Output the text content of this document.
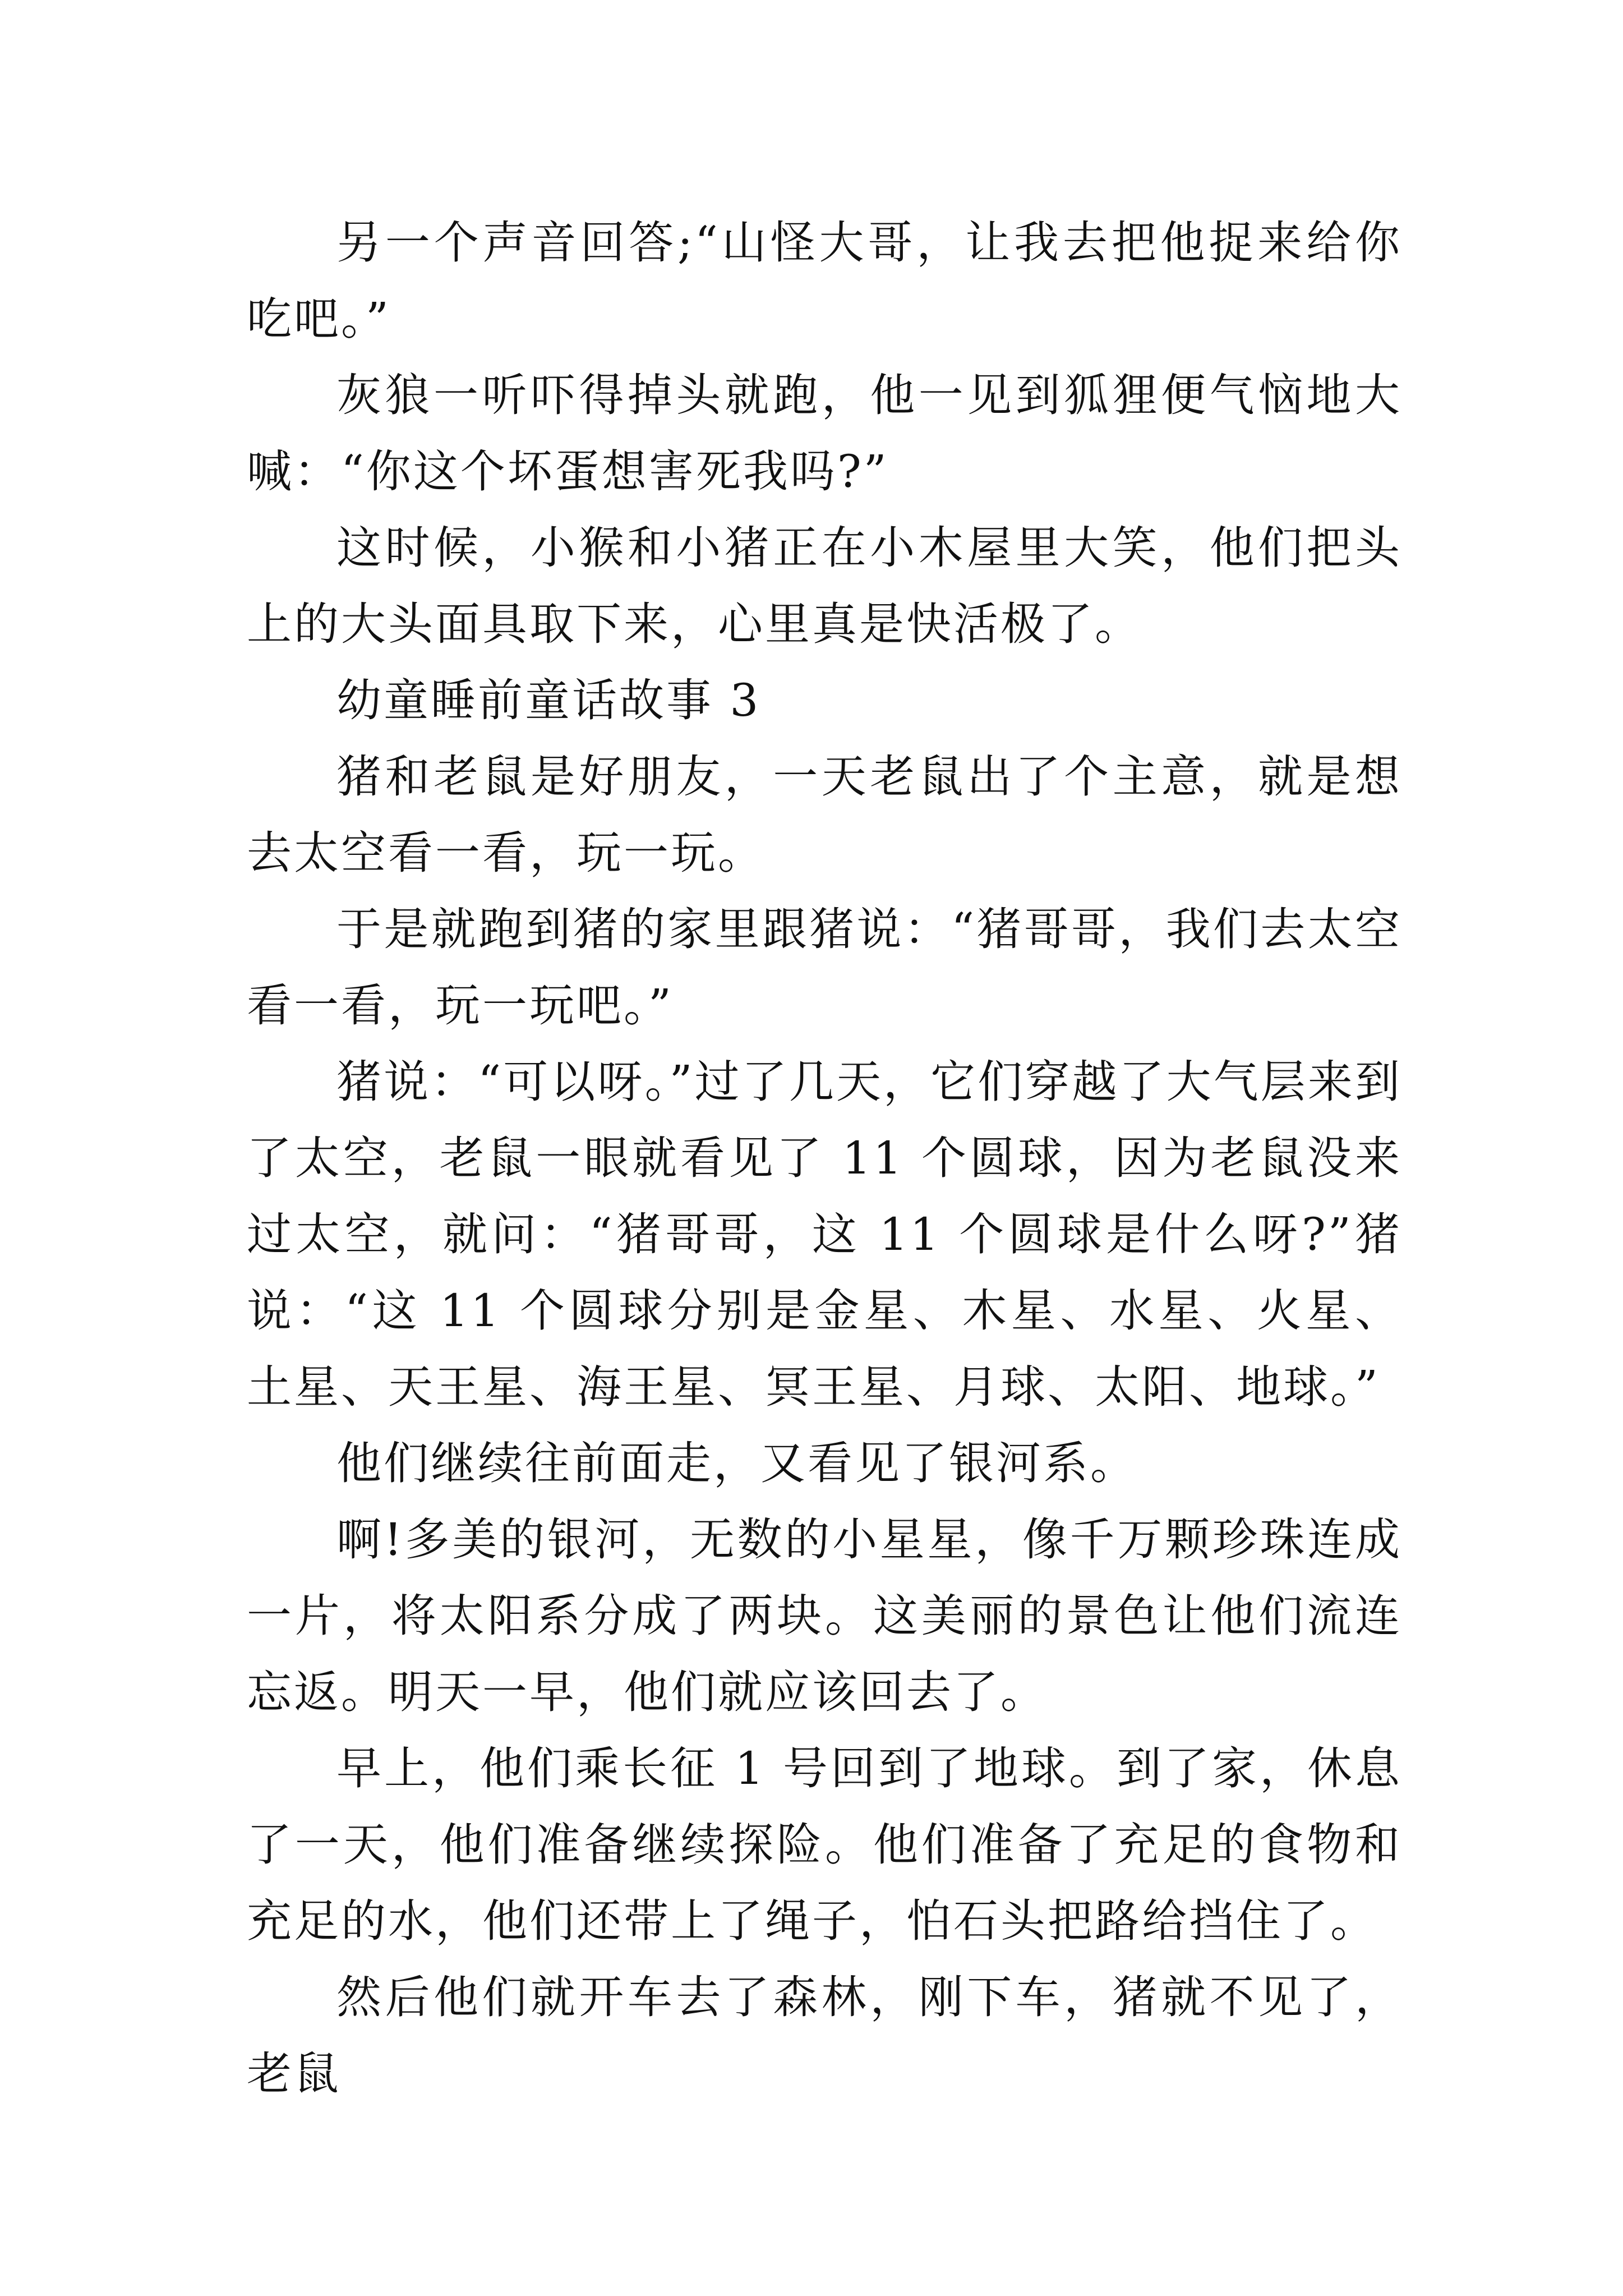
另一个声音回答;“山怪大哥，让我去把他捉来给你吃吧。”

灰狼一听吓得掉头就跑，他一见到狐狸便气恼地大喊：“你这个坏蛋想害死我吗?”

这时候，小猴和小猪正在小木屋里大笑，他们把头上的大头面具取下来，心里真是快活极了。

幼童睡前童话故事 3

猪和老鼠是好朋友，一天老鼠出了个主意，就是想去太空看一看，玩一玩。

于是就跑到猪的家里跟猪说：“猪哥哥，我们去太空看一看，玩一玩吧。”

猪说：“可以呀。”过了几天，它们穿越了大气层来到了太空，老鼠一眼就看见了 11 个圆球，因为老鼠没来过太空，就问：“猪哥哥，这 11 个圆球是什么呀?”猪说：“这 11 个圆球分别是金星、木星、水星、火星、土星、天王星、海王星、冥王星、月球、太阳、地球。”

他们继续往前面走，又看见了银河系。

啊!多美的银河，无数的小星星，像千万颗珍珠连成一片，将太阳系分成了两块。这美丽的景色让他们流连忘返。明天一早，他们就应该回去了。

早上，他们乘长征 1 号回到了地球。到了家，休息了一天，他们准备继续探险。他们准备了充足的食物和充足的水，他们还带上了绳子，怕石头把路给挡住了。

然后他们就开车去了森林，刚下车，猪就不见了，老鼠
